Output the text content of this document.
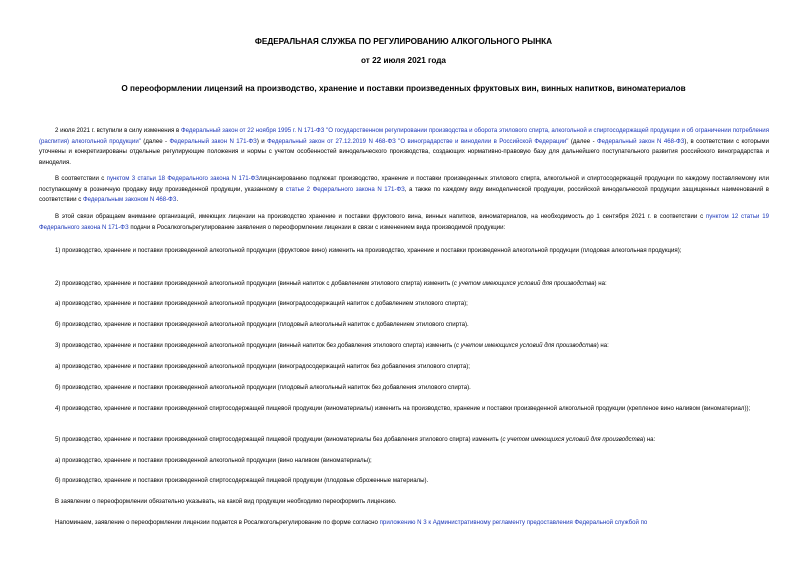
ФЕДЕРАЛЬНАЯ СЛУЖБА ПО РЕГУЛИРОВАНИЮ АЛКОГОЛЬНОГО РЫНКА

от 22 июля 2021 года

О переоформлении лицензий на производство, хранение и поставки произведенных фруктовых вин, винных напитков, виноматериалов

2 июля 2021 г. вступили в силу изменения в Федеральный закон от 22 ноября 1995 г. N 171-ФЗ "О государственном регулировании производства и оборота этилового спирта, алкогольной и спиртосодержащей продукции и об ограничении потребления (распития) алкогольной продукции" (далее - Федеральный закон N 171-ФЗ) и Федеральный закон от 27.12.2019 N 468-ФЗ "О виноградарстве и виноделии в Российской Федерации" (далее - Федеральный закон N 468-ФЗ), в соответствии с которыми уточнены и конкретизированы отдельные регулирующие положения и нормы с учетом особенностей винодельческого производства, создающих нормативно-правовую базу для дальнейшего поступательного развития российского виноградарства и виноделия.

В соответствии с пунктом 3 статьи 18 Федерального закона N 171-ФЗлицензированию подлежат производство, хранение и поставки произведенных этилового спирта, алкогольной и спиртосодержащей продукции по каждому поставляемому или поступающему в розничную продажу виду произведенной продукции, указанному в статье 2 Федерального закона N 171-ФЗ, а также по каждому виду винодельческой продукции, российской винодельческой продукции защищенных наименований в соответствии с Федеральным законом N 468-ФЗ.

В этой связи обращаем внимание организаций, имеющих лицензии на производство хранение и поставки фруктового вина, винных напитков, виноматериалов, на необходимость до 1 сентября 2021 г. в соответствии с пунктом 12 статьи 19 Федерального закона N 171-ФЗ подачи в Росалкогольрегулирование заявления о переоформлении лицензии в связи с изменением вида производимой продукции:

1) производство, хранение и поставки произведенной алкогольной продукции (фруктовое вино) изменить на производство, хранение и поставки произведенной алкогольной продукции (плодовая алкогольная продукция);

2) производство, хранение и поставки произведенной алкогольной продукции (винный напиток с добавлением этилового спирта) изменить (с учетом имеющихся условий для производства) на:

а) производство, хранение и поставки произведенной алкогольной продукции (виноградосодержащий напиток с добавлением этилового спирта);

б) производство, хранение и поставки произведенной алкогольной продукции (плодовый алкогольный напиток с добавлением этилового спирта).

3) производство, хранение и поставки произведенной алкогольной продукции (винный напиток без добавления этилового спирта) изменить (с учетом имеющихся условий для производства) на:

а) производство, хранение и поставки произведенной алкогольной продукции (виноградосодержащий напиток без добавления этилового спирта);

б) производство, хранение и поставки произведенной алкогольной продукции (плодовый алкогольный напиток без добавления этилового спирта).

4) производство, хранение и поставки произведенной спиртосодержащей пищевой продукции (виноматериалы) изменить на производство, хранение и поставки произведенной алкогольной продукции (крепленое вино наливом (виноматериал));

5) производство, хранение и поставки произведенной спиртосодержащей пищевой продукции (виноматериалы без добавления этилового спирта) изменить (с учетом имеющихся условий для производства) на:

а) производство, хранение и поставки произведенной алкогольной продукции (вино наливом (виноматериалы);

б) производство, хранение и поставки произведенной спиртосодержащей пищевой продукции (плодовые сброженные материалы).

В заявлении о переоформлении обязательно указывать, на какой вид продукции необходимо переоформить лицензию.

Напоминаем, заявление о переоформлении лицензии подается в Росалкогольрегулирование по форме согласно приложению N 3 к Административному регламенту предоставления Федеральной службой по
